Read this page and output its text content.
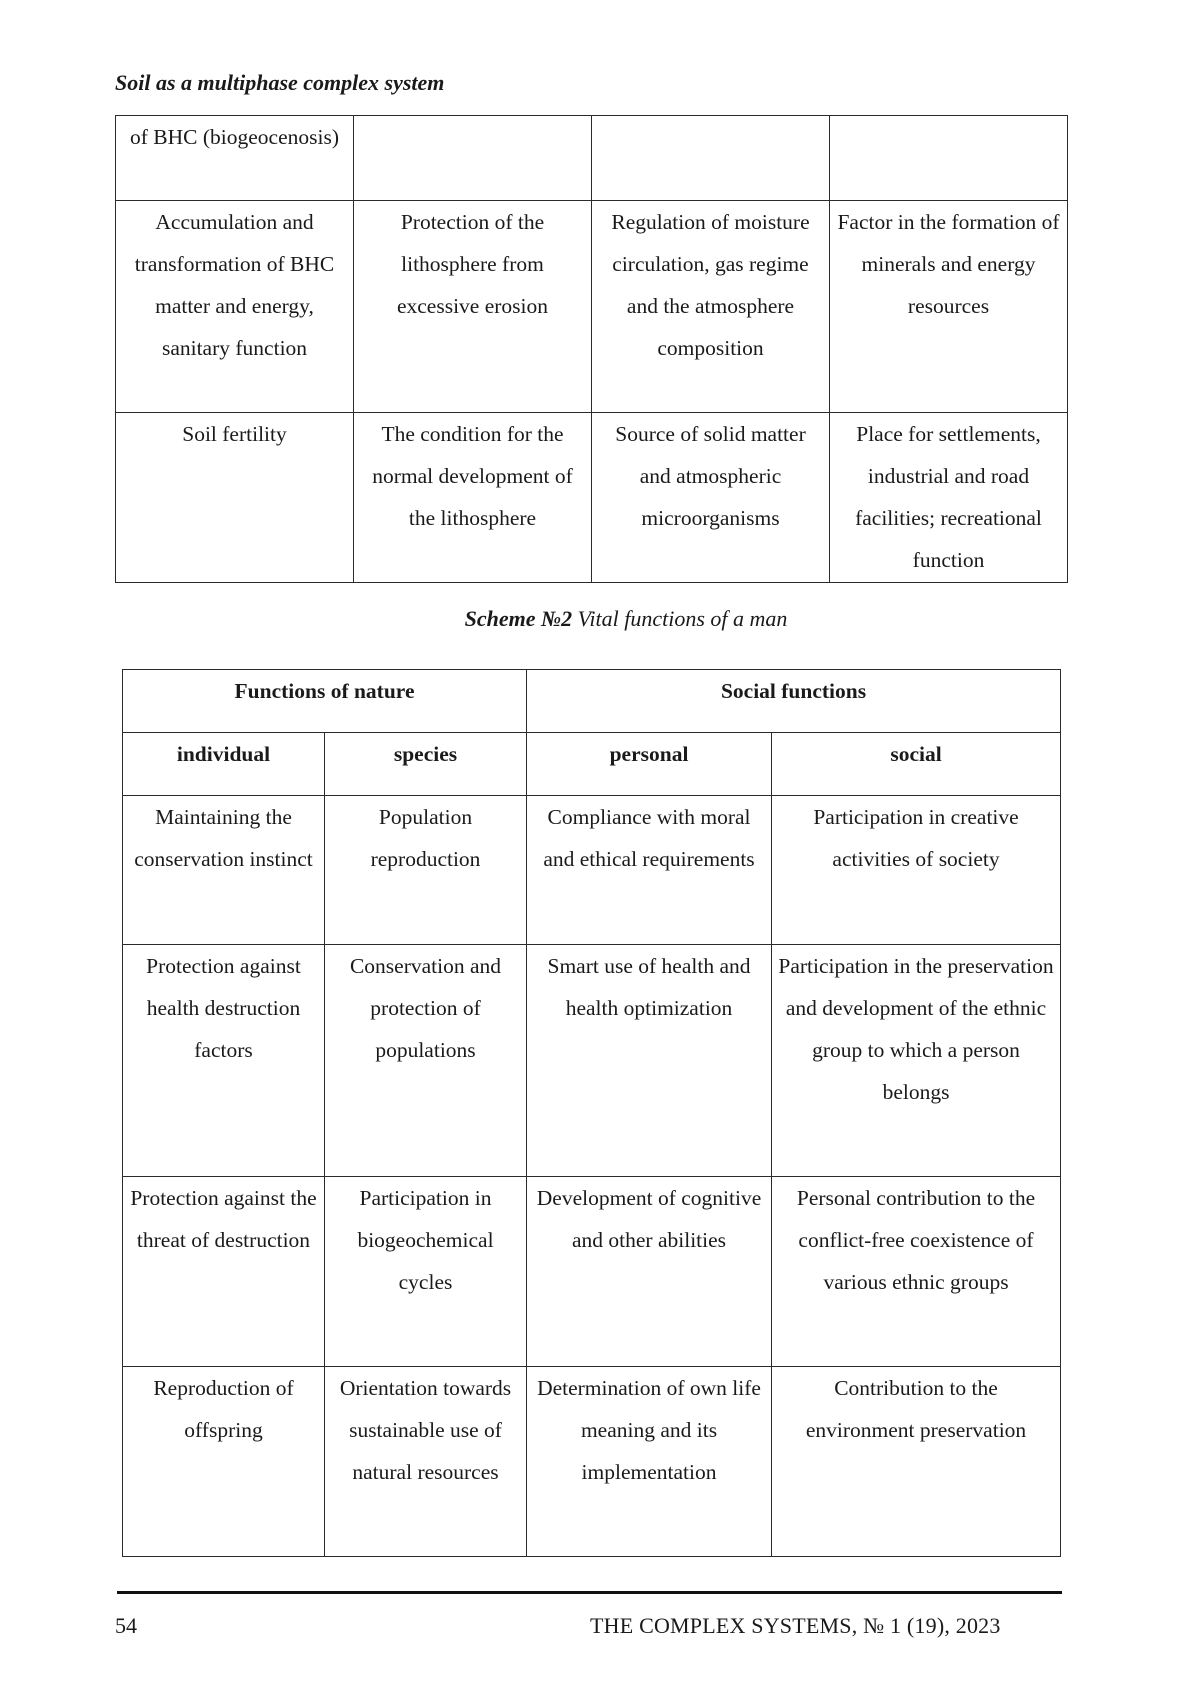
Soil as a multiphase complex system
of BHC (biogeocenosis)			
Accumulation and transformation of BHC matter and energy, sanitary function	Protection of the lithosphere from excessive erosion	Regulation of moisture circulation, gas regime and the atmosphere composition	Factor in the formation of minerals and energy resources
Soil fertility	The condition for the normal development of the lithosphere	Source of solid matter and atmospheric microorganisms	Place for settlements, industrial and road facilities; recreational function
Scheme №2 Vital functions of a man
Functions of nature		Social functions	
individual	species	personal	social
Maintaining the conservation instinct	Population reproduction	Compliance with moral and ethical requirements	Participation in creative activities of society
Protection against health destruction factors	Conservation and protection of populations	Smart use of health and health optimization	Participation in the preservation and development of the ethnic group to which a person belongs
Protection against the threat of destruction	Participation in biogeochemical cycles	Development of cognitive and other abilities	Personal contribution to the conflict-free coexistence of various ethnic groups
Reproduction of offspring	Orientation towards sustainable use of natural resources	Determination of own life meaning and its implementation	Contribution to the environment preservation
54	THE COMPLEX SYSTEMS, № 1 (19), 2023
